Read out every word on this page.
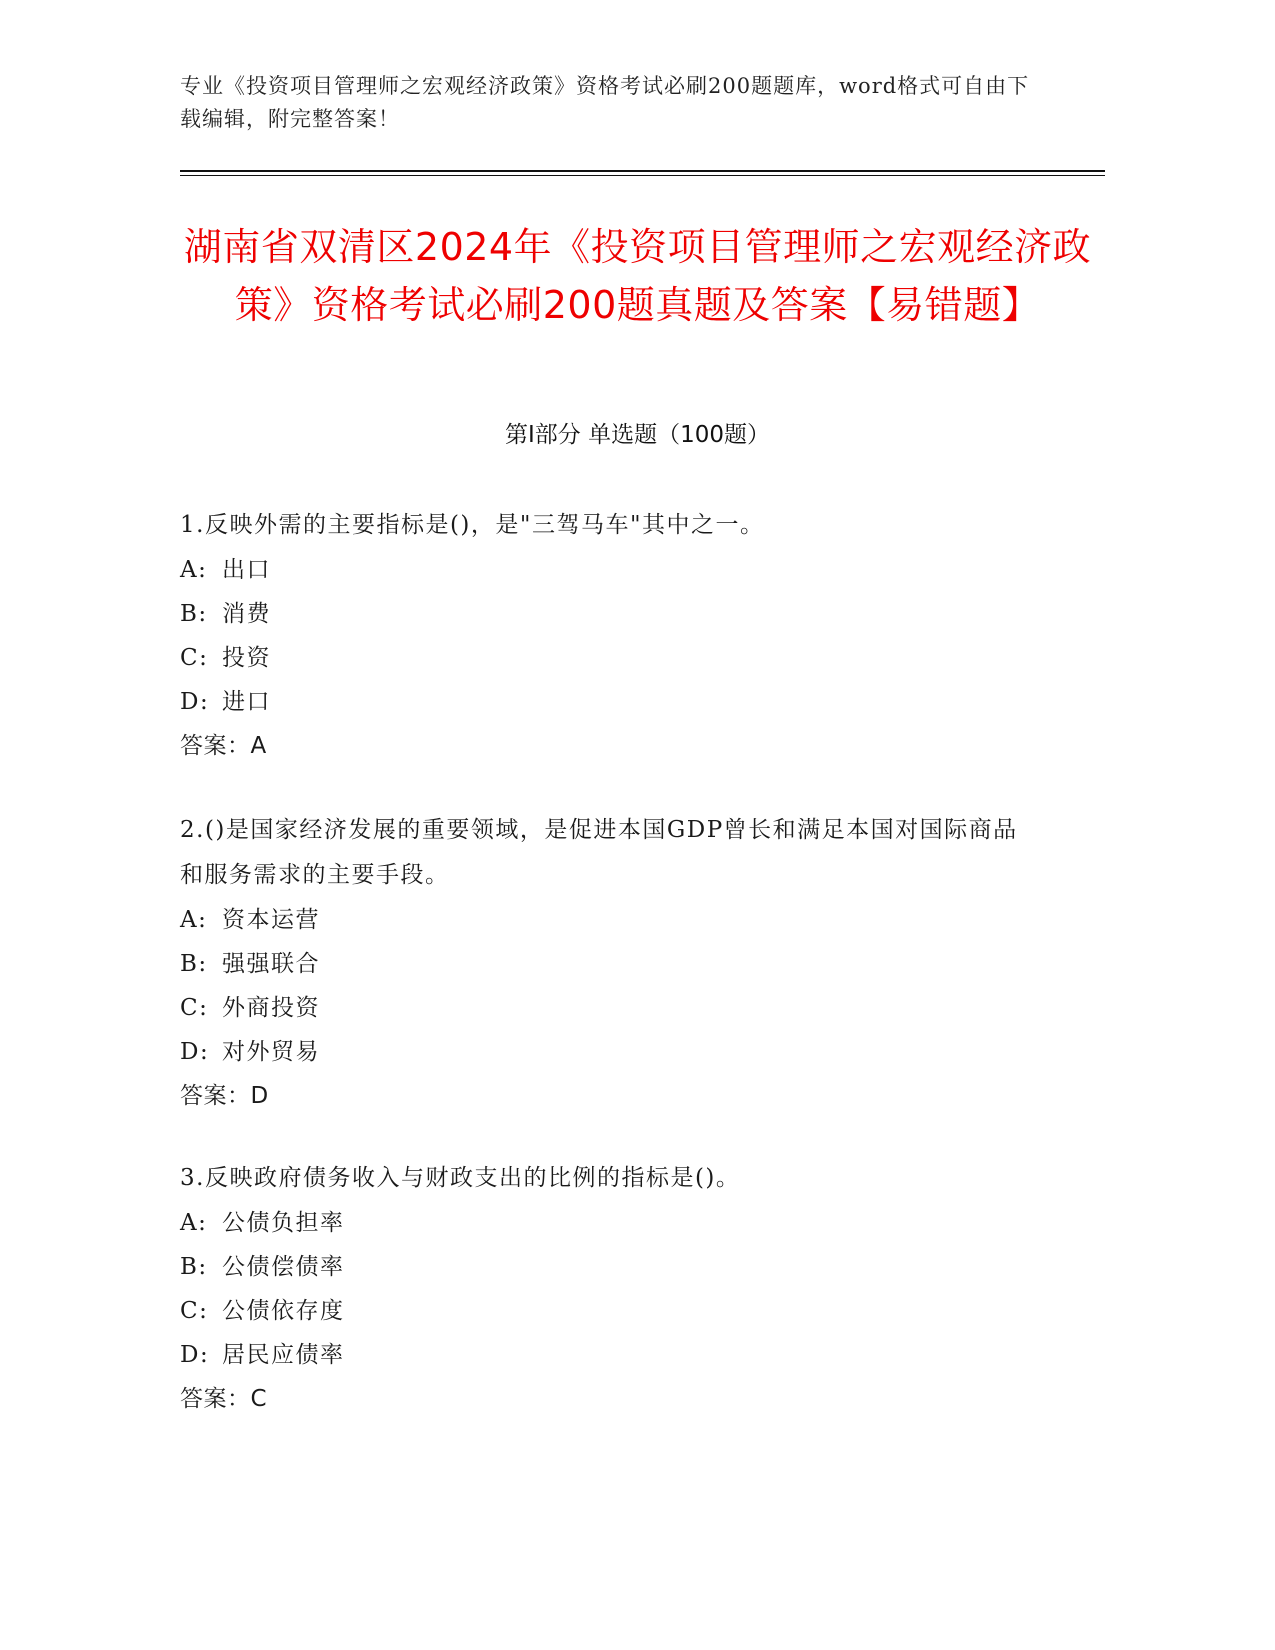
专业《投资项目管理师之宏观经济政策》资格考试必刷200题题库，word格式可自由下载编辑，附完整答案！
湖南省双清区2024年《投资项目管理师之宏观经济政策》资格考试必刷200题真题及答案【易错题】
第I部分 单选题（100题）

1.反映外需的主要指标是()，是"三驾马车"其中之一。

A: 出口

B: 消费

C: 投资

D: 进口

答案：A

2.()是国家经济发展的重要领域，是促进本国GDP曾长和满足本国对国际商品和服务需求的主要手段。

A: 资本运营

B: 强强联合

C: 外商投资

D: 对外贸易

答案：D

3.反映政府债务收入与财政支出的比例的指标是()。

A: 公债负担率

B: 公债偿债率

C: 公债依存度

D: 居民应债率

答案：C
